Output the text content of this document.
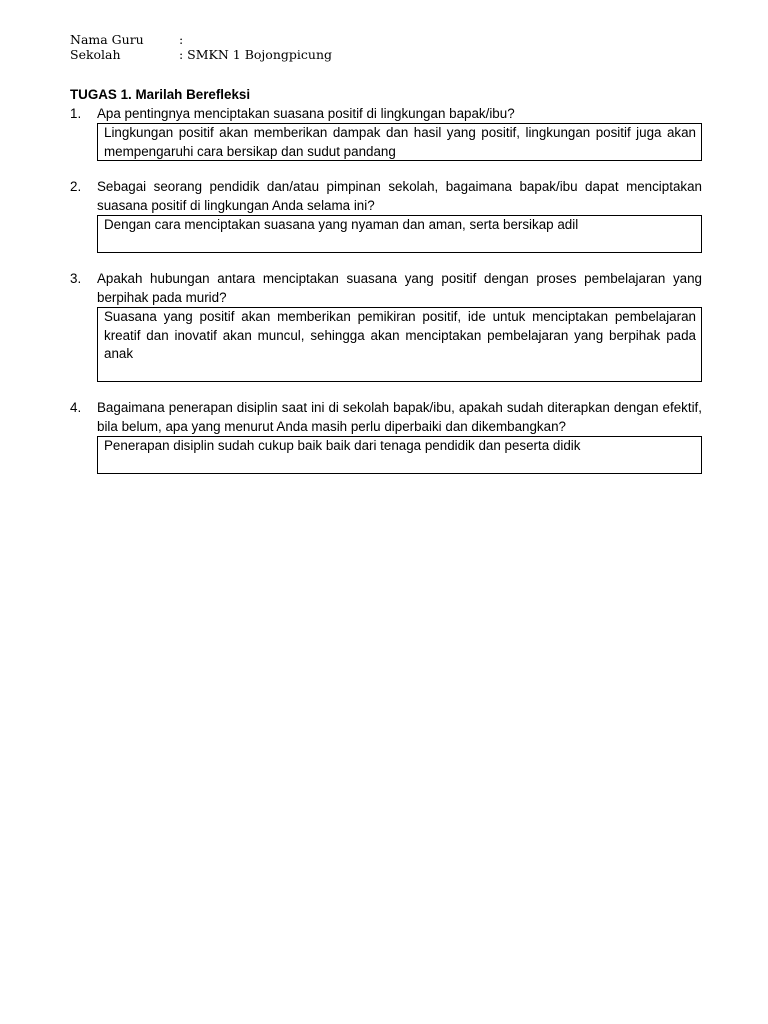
Nama Guru	:
Sekolah	: SMKN 1 Bojongpicung

TUGAS 1. Marilah Berefleksi

1. Apa pentingnya menciptakan suasana positif di lingkungan bapak/ibu?
Lingkungan positif akan memberikan dampak dan hasil yang positif, lingkungan positif juga akan mempengaruhi cara bersikap dan sudut pandang
2. Sebagai seorang pendidik dan/atau pimpinan sekolah, bagaimana bapak/ibu dapat menciptakan suasana positif di lingkungan Anda selama ini?
Dengan cara menciptakan suasana yang nyaman dan aman, serta bersikap adil
3. Apakah hubungan antara menciptakan suasana yang positif dengan proses pembelajaran yang berpihak pada murid?
Suasana yang positif akan memberikan pemikiran positif, ide untuk menciptakan pembelajaran kreatif dan inovatif akan muncul, sehingga akan menciptakan pembelajaran yang berpihak pada anak
4. Bagaimana penerapan disiplin saat ini di sekolah bapak/ibu, apakah sudah diterapkan dengan efektif, bila belum, apa yang menurut Anda masih perlu diperbaiki dan dikembangkan?
Penerapan disiplin sudah cukup baik baik dari tenaga pendidik dan peserta didik
